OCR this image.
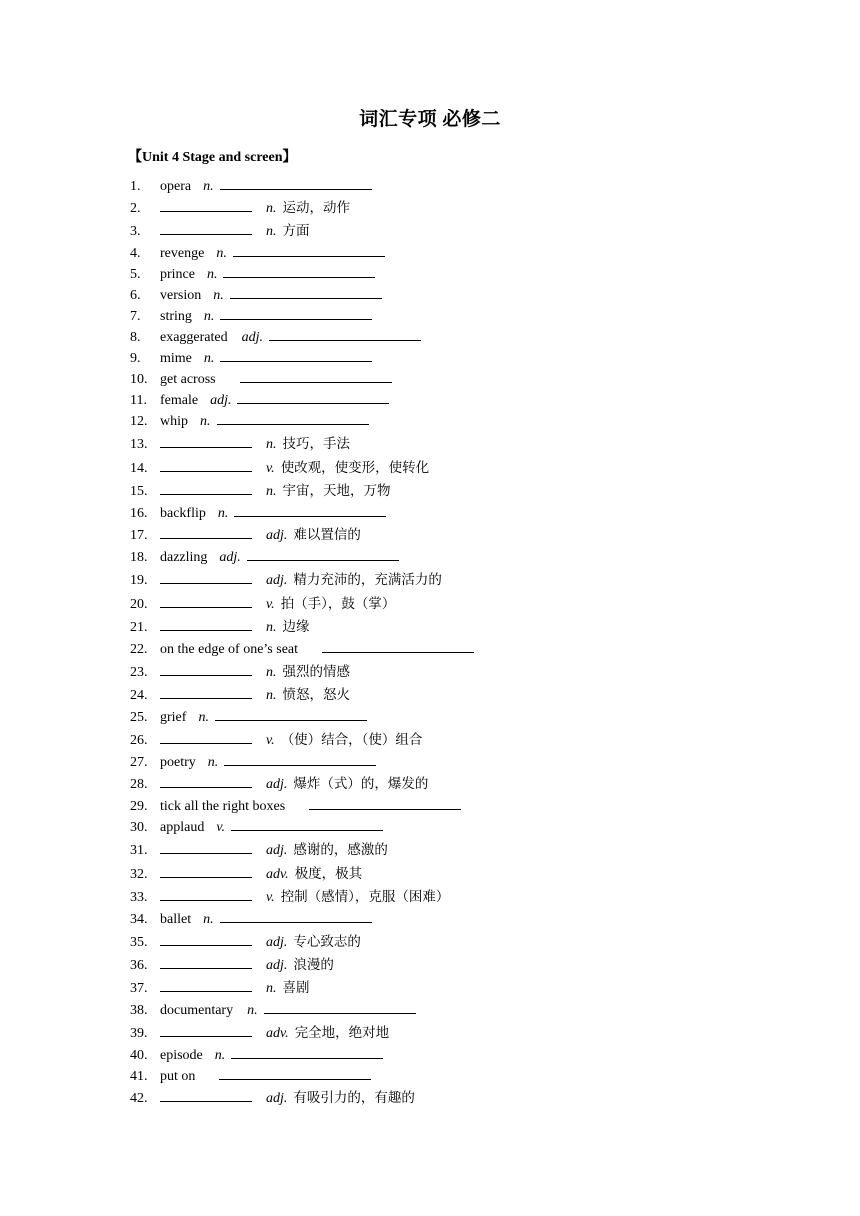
词汇专项 必修二
【Unit 4 Stage and screen】
1. opera n.
2.	n. 运动，动作
3.	n. 方面
4. revenge n.
5. prince n.
6. version n.
7. string n.
8. exaggerated adj.
9. mime n.
10. get across
11. female adj.
12. whip n.
13.	n. 技巧，手法
14.	v. 使改观，使变形，使转化
15.	n. 宇宙，天地，万物
16. backflip n.
17.	adj. 难以置信的
18. dazzling adj.
19.	adj. 精力充沛的，充满活力的
20.	v. 拍（手），鼓（掌）
21.	n. 边缘
22. on the edge of one’s seat
23.	n. 强烈的情感
24.	n. 愤怒，怒火
25. grief n.
26.	v. （使）结合，（使）组合
27. poetry n.
28.	adj. 爆炸（式）的，爆发的
29. tick all the right boxes
30. applaud v.
31.	adj. 感谢的，感激的
32.	adv. 极度，极其
33.	v. 控制（感情），克服（困难）
34. ballet n.
35.	adj. 专心致志的
36.	adj. 浪漫的
37.	n. 喜剧
38. documentary n.
39.	adv. 完全地，绝对地
40. episode n.
41. put on
42.	adj. 有吸引力的，有趣的
